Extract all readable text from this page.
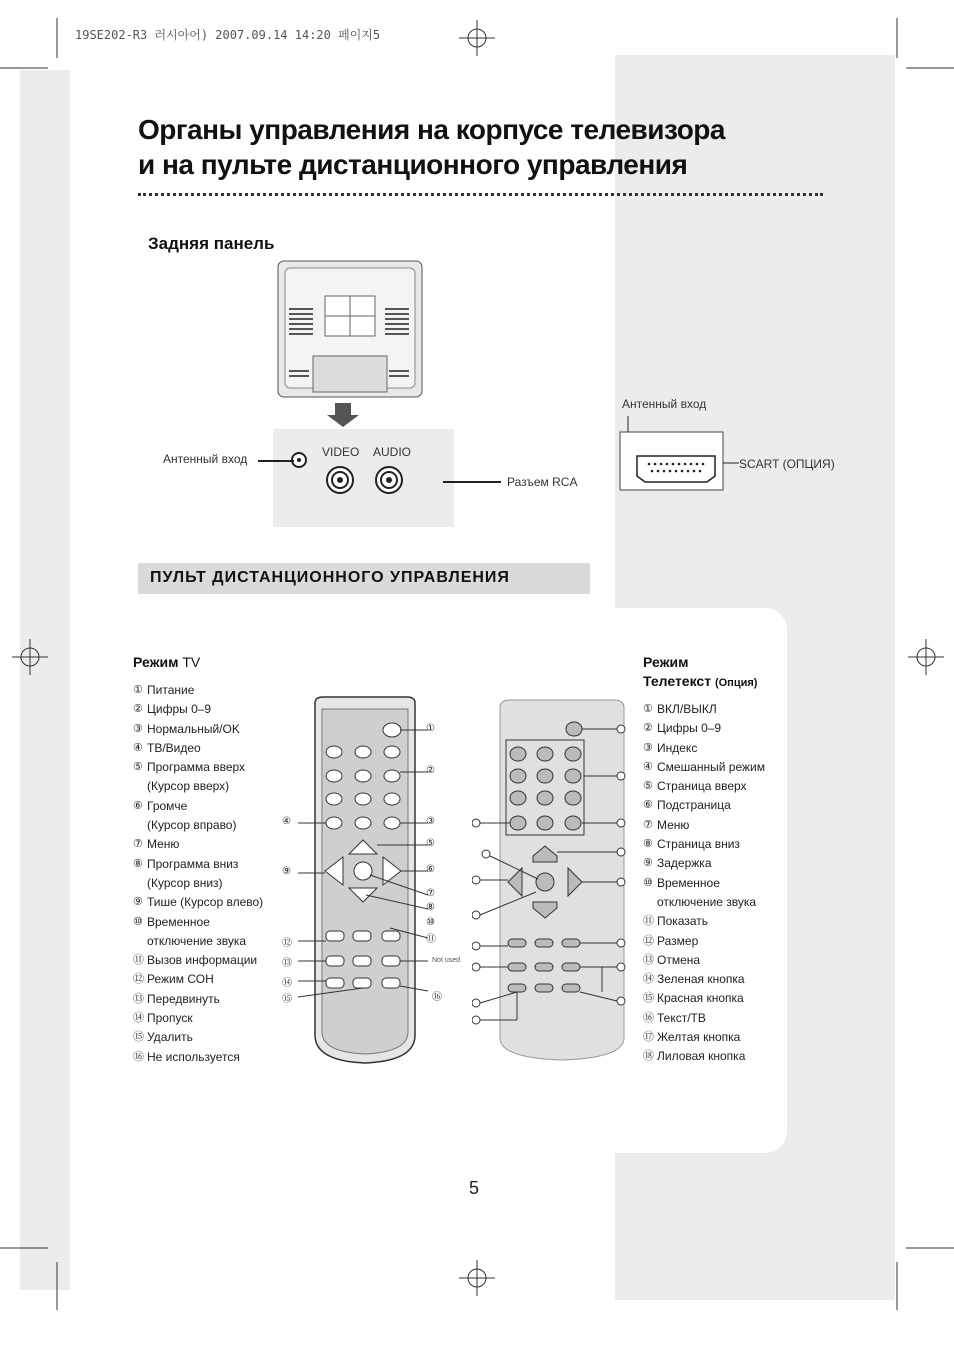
19SE202-R3 러시아어) 2007.09.14 14:20 페이지5
Органы управления на корпусе телевизора
и на пульте дистанционного управления
Задняя панель
VIDEO AUDIO
Антенный вход
Разъем RCA
Антенный вход
SCART (ОПЦИЯ)
ПУЛЬТ ДИСТАНЦИОННОГО УПРАВЛЕНИЯ
Режим TV
① Питание
② Цифры 0–9
③ Нормальный/OK
④ ТВ/Видео
⑤ Программа вверх
(Курсор вверх)
⑥ Громче
(Курсор вправо)
⑦ Меню
⑧ Программа вниз
(Курсор вниз)
⑨ Тише (Курсор влево)
⑩ Временное
отключение звука
⑪ Вызов информации
⑫ Режим СОН
⑬ Передвинуть
⑭ Пропуск
⑮ Удалить
⑯ Не используется
①
②
③
④
⑤
⑥
⑦
⑧
⑨
⑩
⑪
⑫
⑬
⑭
⑮	⑯
Not used
Режим
Телетекст (Опция)
① ВКЛ/ВЫКЛ
② Цифры 0–9
③ Индекс
④ Смешанный режим
⑤ Страница вверх
⑥ Подстраница
⑦ Меню
⑧ Страница вниз
⑨ Задержка
⑩ Временное
отключение звука
⑪ Показать
⑫ Размер
⑬ Отмена
⑭ Зеленая кнопка
⑮ Красная кнопка
⑯ Текст/ТВ
⑰ Желтая кнопка
⑱ Лиловая кнопка
5
